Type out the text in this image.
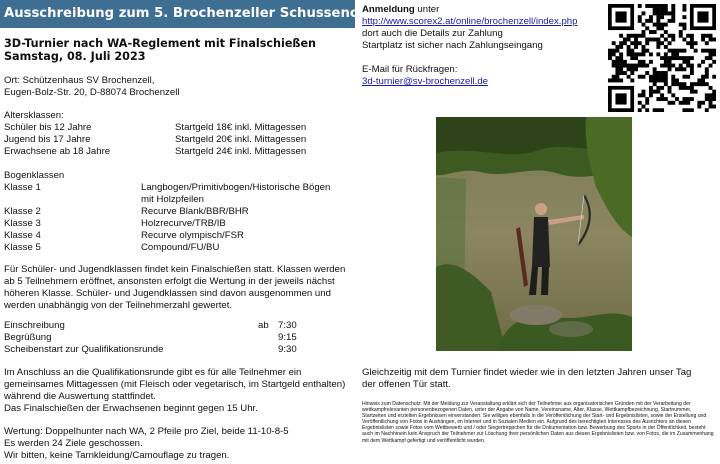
Ausschreibung zum 5. Brochenzeller Schussencup
3D-Turnier nach WA-Reglement mit Finalschießen
Samstag, 08. Juli 2023
Ort: Schützenhaus SV Brochenzell,
Eugen-Bolz-Str. 20, D-88074 Brochenzell
Altersklassen:
Schüler bis 12 Jahre	Startgeld 18€ inkl. Mittagessen
Jugend bis 17 Jahre	Startgeld 20€ inkl. Mittagessen
Erwachsene ab 18 Jahre	Startgeld 24€ inkl. Mittagessen
Bogenklassen
Klasse 1	Langbogen/Primitivbogen/Historische Bögen
mit Holzpfeilen
Klasse 2	Recurve Blank/BBR/BHR
Klasse 3	Holzrecurve/TRB/IB
Klasse 4	Recurve olympisch/FSR
Klasse 5	Compound/FU/BU
Für Schüler- und Jugendklassen findet kein Finalschießen statt. Klassen werden
ab 5 Teilnehmern eröffnet, ansonsten erfolgt die Wertung in der jeweils nächst
höheren Klasse. Schüler- und Jugendklassen sind davon ausgenommen und
werden unabhängig von der Teilnehmerzahl gewertet.
Einschreibung	ab 7:30
Begrüßung	9:15
Scheibenstart zur Qualifikationsrunde	9:30
Im Anschluss an die Qualifikationsrunde gibt es für alle Teilnehmer ein
gemeinsames Mittagessen (mit Fleisch oder vegetarisch, im Startgeld enthalten)
während die Auswertung stattfindet.
Das Finalschießen der Erwachsenen beginnt gegen 15 Uhr.
Wertung: Doppelhunter nach WA, 2 Pfeile pro Ziel, beide 11-10-8-5
Es werden 24 Ziele geschossen.
Wir bitten, keine Tarnkleidung/Camouflage zu tragen.
Anmeldung unter
http://www.scorex2.at/online/brochenzell/index.php
dort auch die Details zur Zahlung
Startplatz ist sicher nach Zahlungseingang
E-Mail für Rückfragen:
3d-turnier@sv-brochenzell.de
Gleichzeitig mit dem Turnier findet wieder wie in den letzten Jahren unser Tag
der offenen Tür statt.
Hinweis zum Datenschutz: Mit der Meldung zur Veranstaltung erklärt sich der Teilnehmer aus organisatorischen Gründen mit der Verarbeitung der wettkampfrelevanten personenbezogenen Daten, unter der Angabe von Name, Vereinsname, Alter, Klasse, Wettkampfbezeichnung, Startnummer, Startzeiten und erzielten Ergebnissen einverstanden. Sie willigen ebenfalls in die Veröffentlichung der Start- und Ergebnislisten, sowie der Erstellung und Veröffentlichung von Fotos in Aushängen, im Internet und in Sozialen Medien ein. Aufgrund des berechtigten Interesses des Ausrichters an diesen Ergebnislisten sowie Fotos vom Wettbewerb und / oder Siegertreppchen für die Dokumentation bzw. Bewerbung des Sports in der Öffentlichkeit, besteht auch im Nachhinein kein Anspruch der Teilnehmer zur Löschung ihrer persönlichen Daten aus diesen Ergebnislisten bzw. von Fotos, die im Zusammenhang mit dem Wettkampf gefertigt und veröffentlicht wurden.
